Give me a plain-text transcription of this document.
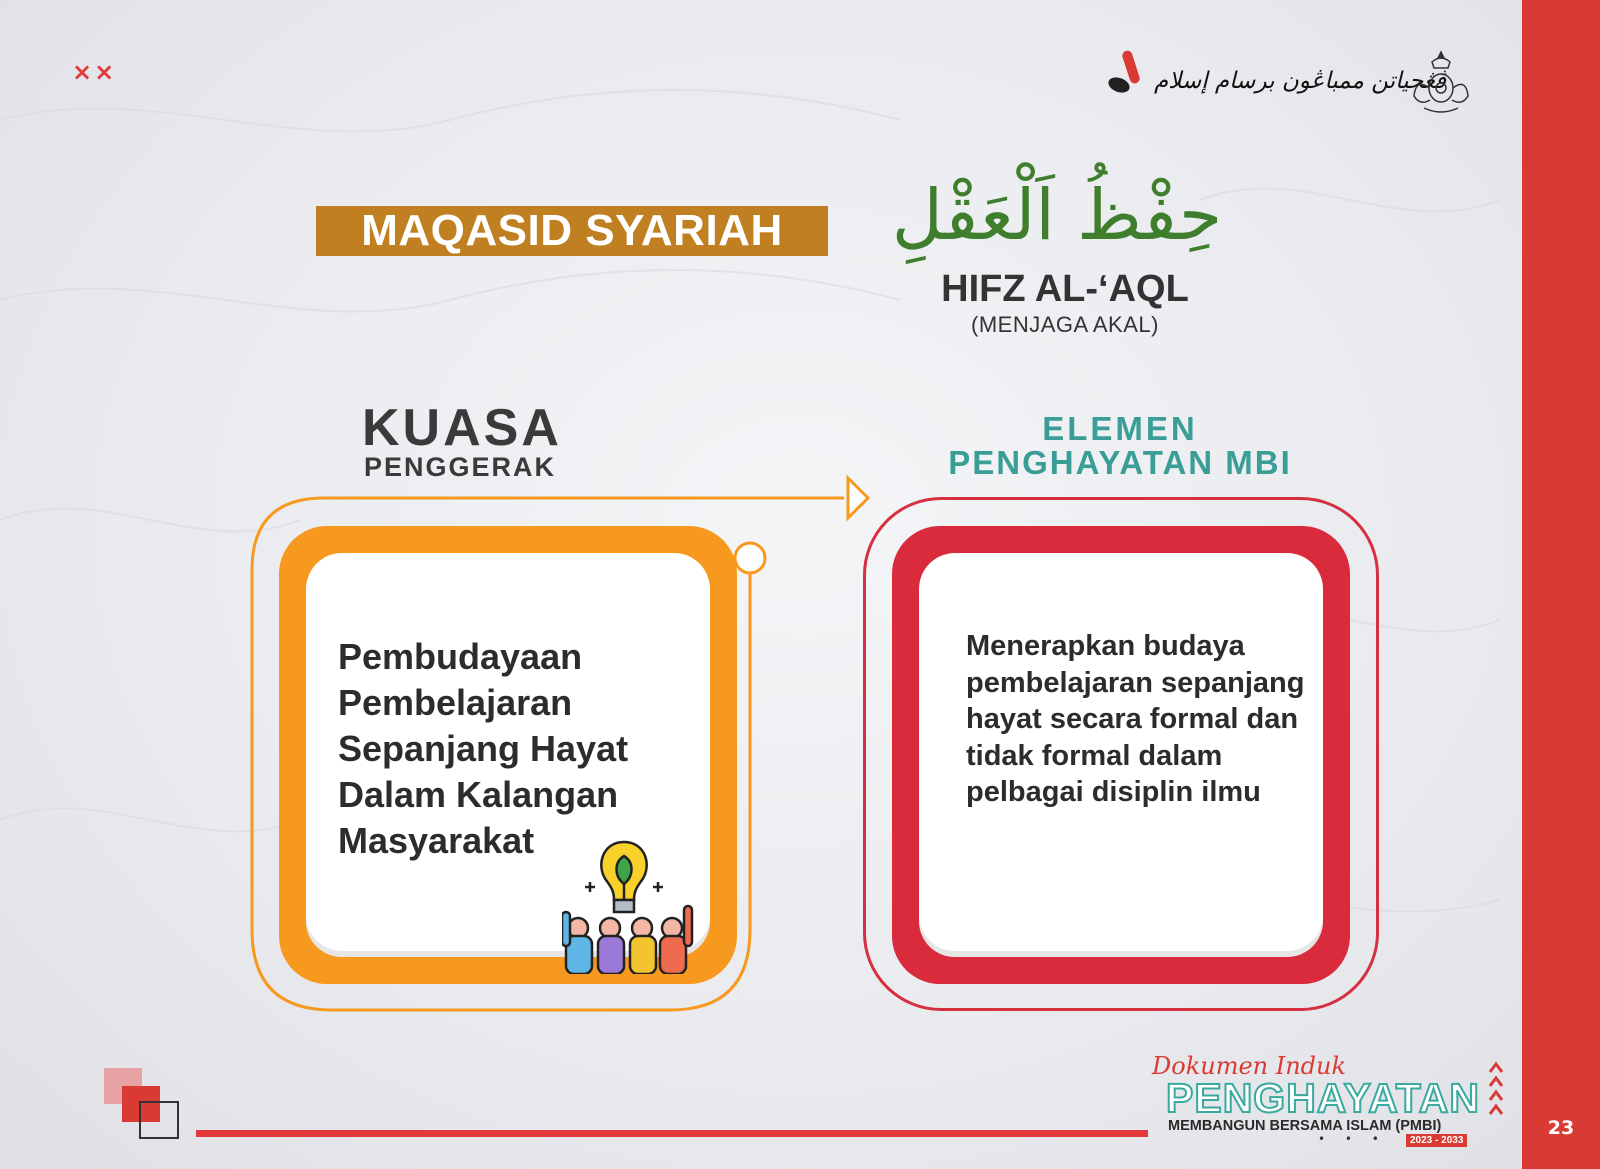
23
××	ڤڠحياتن ممباڠون برسام إسلام
MAQASID SYARIAH	حِفْظُ اَلْعَقْلِ
HIFZ AL-‘AQL
(MENJAGA AKAL)
KUASA
PENGGERAK
ELEMEN
PENGHAYATAN MBI
Pembudayaan Pembelajaran Sepanjang Hayat Dalam Kalangan Masyarakat
Menerapkan budaya pembelajaran sepanjang hayat secara formal dan tidak formal dalam pelbagai disiplin ilmu
Dokumen Induk
PENGHAYATAN
MEMBANGUN BERSAMA ISLAM (PMBI)
• • •	2023 - 2033
